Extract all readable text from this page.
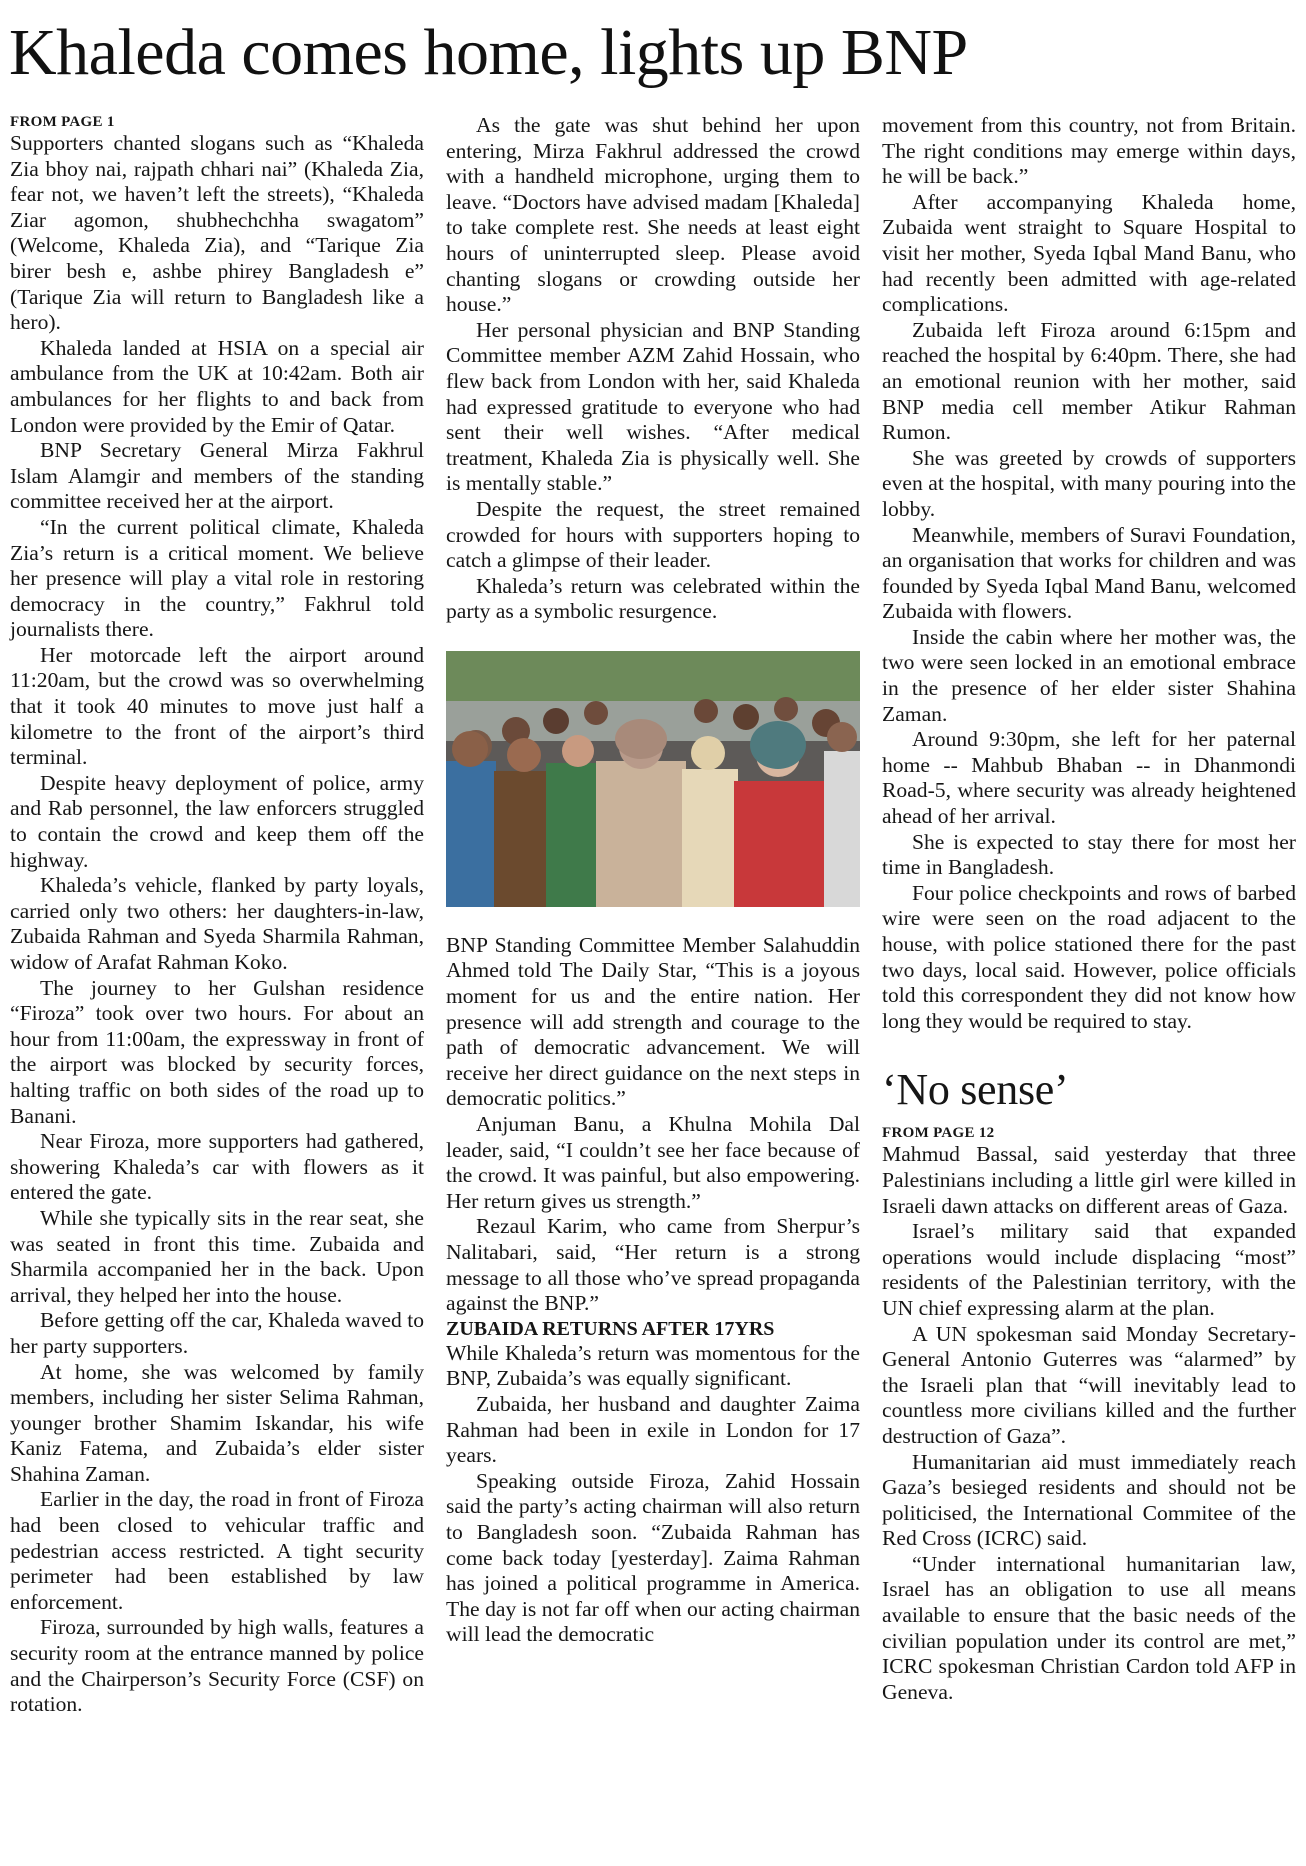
Khaleda comes home, lights up BNP

FROM PAGE 1

Supporters chanted slogans such as “Khaleda Zia bhoy nai, rajpath chhari nai” (Khaleda Zia, fear not, we haven’t left the streets), “Khaleda Ziar agomon, shubhechchha swagatom” (Welcome, Khaleda Zia), and “Tarique Zia birer besh e, ashbe phirey Bangladesh e” (Tarique Zia will return to Bangladesh like a hero).

Khaleda landed at HSIA on a special air ambulance from the UK at 10:42am. Both air ambulances for her flights to and back from London were provided by the Emir of Qatar.

BNP Secretary General Mirza Fakhrul Islam Alamgir and members of the standing committee received her at the airport.

“In the current political climate, Khaleda Zia’s return is a critical moment. We believe her presence will play a vital role in restoring democracy in the country,” Fakhrul told journalists there.

Her motorcade left the airport around 11:20am, but the crowd was so overwhelming that it took 40 minutes to move just half a kilometre to the front of the airport’s third terminal.

Despite heavy deployment of police, army and Rab personnel, the law enforcers struggled to contain the crowd and keep them off the highway.

Khaleda’s vehicle, flanked by party loyals, carried only two others: her daughters-in-law, Zubaida Rahman and Syeda Sharmila Rahman, widow of Arafat Rahman Koko.

The journey to her Gulshan residence “Firoza” took over two hours. For about an hour from 11:00am, the expressway in front of the airport was blocked by security forces, halting traffic on both sides of the road up to Banani.

Near Firoza, more supporters had gathered, showering Khaleda’s car with flowers as it entered the gate.

While she typically sits in the rear seat, she was seated in front this time. Zubaida and Sharmila accompanied her in the back. Upon arrival, they helped her into the house.

Before getting off the car, Khaleda waved to her party supporters.

At home, she was welcomed by family members, including her sister Selima Rahman, younger brother Shamim Iskandar, his wife Kaniz Fatema, and Zubaida’s elder sister Shahina Zaman.

Earlier in the day, the road in front of Firoza had been closed to vehicular traffic and pedestrian access restricted. A tight security perimeter had been established by law enforcement.

Firoza, surrounded by high walls, features a security room at the entrance manned by police and the Chairperson’s Security Force (CSF) on rotation.

As the gate was shut behind her upon entering, Mirza Fakhrul addressed the crowd with a handheld microphone, urging them to leave. “Doctors have advised madam [Khaleda] to take complete rest. She needs at least eight hours of uninterrupted sleep. Please avoid chanting slogans or crowding outside her house.”

Her personal physician and BNP Standing Committee member AZM Zahid Hossain, who flew back from London with her, said Khaleda had expressed gratitude to everyone who had sent their well wishes. “After medical treatment, Khaleda Zia is physically well. She is mentally stable.”

Despite the request, the street remained crowded for hours with supporters hoping to catch a glimpse of their leader.

Khaleda’s return was celebrated within the party as a symbolic resurgence.

BNP Standing Committee Member Salahuddin Ahmed told The Daily Star, “This is a joyous moment for us and the entire nation. Her presence will add strength and courage to the path of democratic advancement. We will receive her direct guidance on the next steps in democratic politics.”

Anjuman Banu, a Khulna Mohila Dal leader, said, “I couldn’t see her face because of the crowd. It was painful, but also empowering. Her return gives us strength.”

Rezaul Karim, who came from Sherpur’s Nalitabari, said, “Her return is a strong message to all those who’ve spread propaganda against the BNP.”

ZUBAIDA RETURNS AFTER 17YRS

While Khaleda’s return was momentous for the BNP, Zubaida’s was equally significant.

Zubaida, her husband and daughter Zaima Rahman had been in exile in London for 17 years.

Speaking outside Firoza, Zahid Hossain said the party’s acting chairman will also return to Bangladesh soon. “Zubaida Rahman has come back today [yesterday]. Zaima Rahman has joined a political programme in America. The day is not far off when our acting chairman will lead the democratic

movement from this country, not from Britain. The right conditions may emerge within days, he will be back.”

After accompanying Khaleda home, Zubaida went straight to Square Hospital to visit her mother, Syeda Iqbal Mand Banu, who had recently been admitted with age-related complications.

Zubaida left Firoza around 6:15pm and reached the hospital by 6:40pm. There, she had an emotional reunion with her mother, said BNP media cell member Atikur Rahman Rumon.

She was greeted by crowds of supporters even at the hospital, with many pouring into the lobby.

Meanwhile, members of Suravi Foundation, an organisation that works for children and was founded by Syeda Iqbal Mand Banu, welcomed Zubaida with flowers.

Inside the cabin where her mother was, the two were seen locked in an emotional embrace in the presence of her elder sister Shahina Zaman.

Around 9:30pm, she left for her paternal home -- Mahbub Bhaban -- in Dhanmondi Road-5, where security was already heightened ahead of her arrival.

She is expected to stay there for most her time in Bangladesh.

Four police checkpoints and rows of barbed wire were seen on the road adjacent to the house, with police stationed there for the past two days, local said. However, police officials told this correspondent they did not know how long they would be required to stay.

‘No sense’

FROM PAGE 12

Mahmud Bassal, said yesterday that three Palestinians including a little girl were killed in Israeli dawn attacks on different areas of Gaza.

Israel’s military said that expanded operations would include displacing “most” residents of the Palestinian territory, with the UN chief expressing alarm at the plan.

A UN spokesman said Monday Secretary-General Antonio Guterres was “alarmed” by the Israeli plan that “will inevitably lead to countless more civilians killed and the further destruction of Gaza”.

Humanitarian aid must immediately reach Gaza’s besieged residents and should not be politicised, the International Commitee of the Red Cross (ICRC) said.

“Under international humanitarian law, Israel has an obligation to use all means available to ensure that the basic needs of the civilian population under its control are met,” ICRC spokesman Christian Cardon told AFP in Geneva.
